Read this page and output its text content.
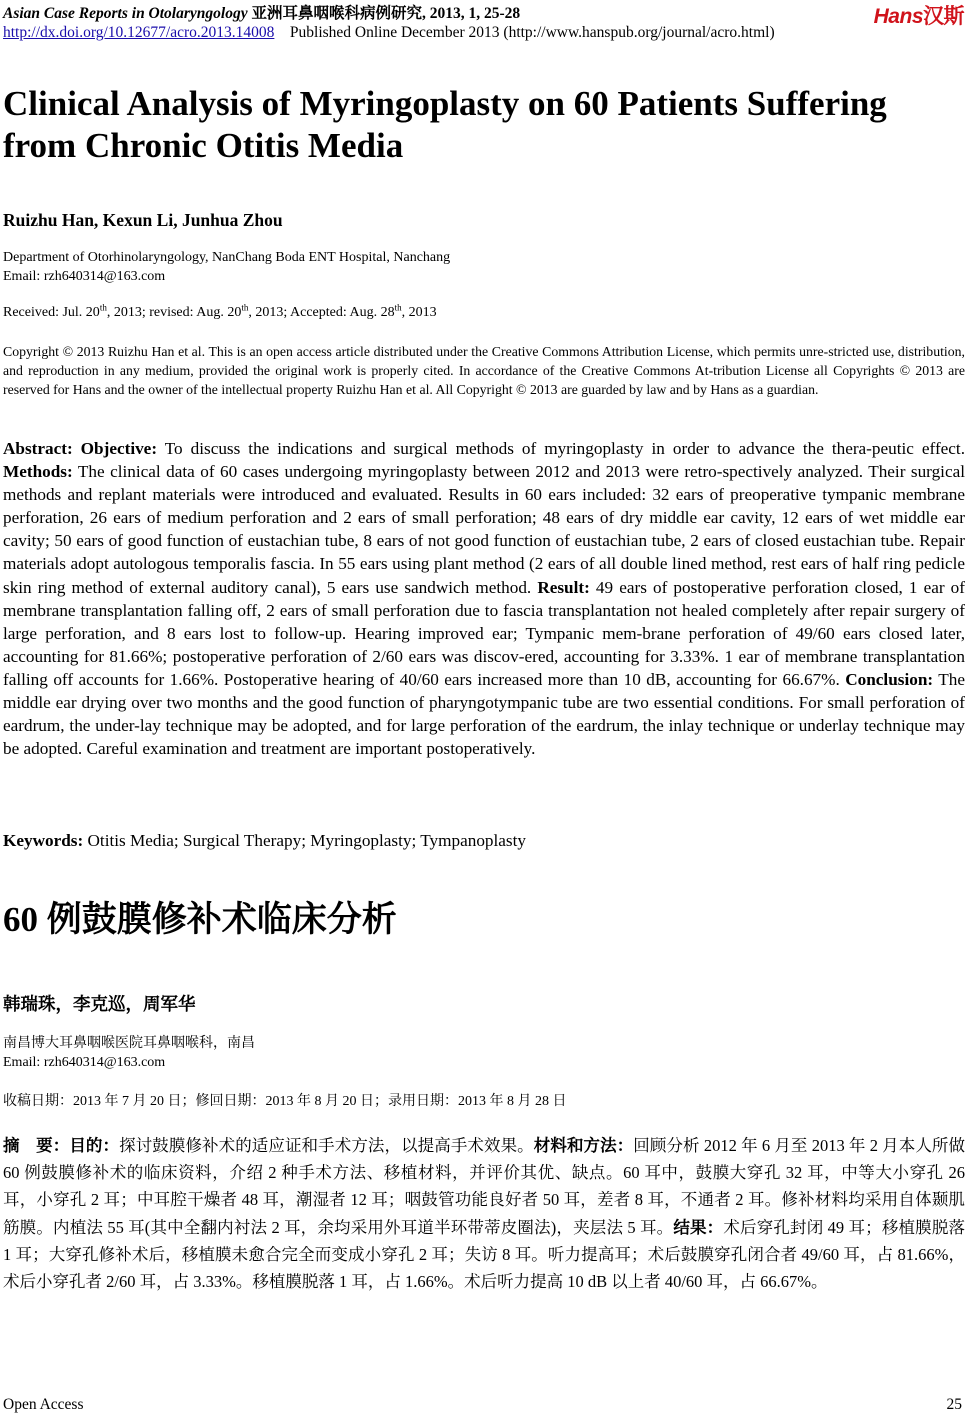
Asian Case Reports in Otolaryngology 亚洲耳鼻咽喉科病例研究, 2013, 1, 25-28	Hans汉斯
http://dx.doi.org/10.12677/acro.2013.14008 Published Online December 2013 (http://www.hanspub.org/journal/acro.html)
Clinical Analysis of Myringoplasty on 60 Patients Suffering from Chronic Otitis Media
Ruizhu Han, Kexun Li, Junhua Zhou
Department of Otorhinolaryngology, NanChang Boda ENT Hospital, Nanchang
Email: rzh640314@163.com
Received: Jul. 20th, 2013; revised: Aug. 20th, 2013; Accepted: Aug. 28th, 2013
Copyright © 2013 Ruizhu Han et al. This is an open access article distributed under the Creative Commons Attribution License, which permits unre-stricted use, distribution, and reproduction in any medium, provided the original work is properly cited. In accordance of the Creative Commons At-tribution License all Copyrights © 2013 are reserved for Hans and the owner of the intellectual property Ruizhu Han et al. All Copyright © 2013 are guarded by law and by Hans as a guardian.
Abstract: Objective: To discuss the indications and surgical methods of myringoplasty in order to advance the thera-peutic effect. Methods: The clinical data of 60 cases undergoing myringoplasty between 2012 and 2013 were retro-spectively analyzed. Their surgical methods and replant materials were introduced and evaluated. Results in 60 ears included: 32 ears of preoperative tympanic membrane perforation, 26 ears of medium perforation and 2 ears of small perforation; 48 ears of dry middle ear cavity, 12 ears of wet middle ear cavity; 50 ears of good function of eustachian tube, 8 ears of not good function of eustachian tube, 2 ears of closed eustachian tube. Repair materials adopt autologous temporalis fascia. In 55 ears using plant method (2 ears of all double lined method, rest ears of half ring pedicle skin ring method of external auditory canal), 5 ears use sandwich method. Result: 49 ears of postoperative perforation closed, 1 ear of membrane transplantation falling off, 2 ears of small perforation due to fascia transplantation not healed completely after repair surgery of large perforation, and 8 ears lost to follow-up. Hearing improved ear; Tympanic mem-brane perforation of 49/60 ears closed later, accounting for 81.66%; postoperative perforation of 2/60 ears was discov-ered, accounting for 3.33%. 1 ear of membrane transplantation falling off accounts for 1.66%. Postoperative hearing of 40/60 ears increased more than 10 dB, accounting for 66.67%. Conclusion: The middle ear drying over two months and the good function of pharyngotympanic tube are two essential conditions. For small perforation of eardrum, the under-lay technique may be adopted, and for large perforation of the eardrum, the inlay technique or underlay technique may be adopted. Careful examination and treatment are important postoperatively.
Keywords: Otitis Media; Surgical Therapy; Myringoplasty; Tympanoplasty
60 例鼓膜修补术临床分析
韩瑞珠，李克巡，周军华
南昌博大耳鼻咽喉医院耳鼻咽喉科，南昌
Email: rzh640314@163.com
收稿日期：2013 年 7 月 20 日；修回日期：2013 年 8 月 20 日；录用日期：2013 年 8 月 28 日
摘　要：目的：探讨鼓膜修补术的适应证和手术方法，以提高手术效果。材料和方法：回顾分析 2012 年 6 月至 2013 年 2 月本人所做 60 例鼓膜修补术的临床资料，介绍 2 种手术方法、移植材料，并评价其优、缺点。60 耳中，鼓膜大穿孔 32 耳，中等大小穿孔 26 耳，小穿孔 2 耳；中耳腔干燥者 48 耳，潮湿者 12 耳；咽鼓管功能良好者 50 耳，差者 8 耳，不通者 2 耳。修补材料均采用自体颞肌筋膜。内植法 55 耳(其中全翻内衬法 2 耳，余均采用外耳道半环带蒂皮圈法)，夹层法 5 耳。结果：术后穿孔封闭 49 耳；移植膜脱落 1 耳；大穿孔修补术后，移植膜未愈合完全而变成小穿孔 2 耳；失访 8 耳。听力提高耳；术后鼓膜穿孔闭合者 49/60 耳，占 81.66%，术后小穿孔者 2/60 耳，占 3.33%。移植膜脱落 1 耳，占 1.66%。术后听力提高 10 dB 以上者 40/60 耳，占 66.67%。
Open Access	25
